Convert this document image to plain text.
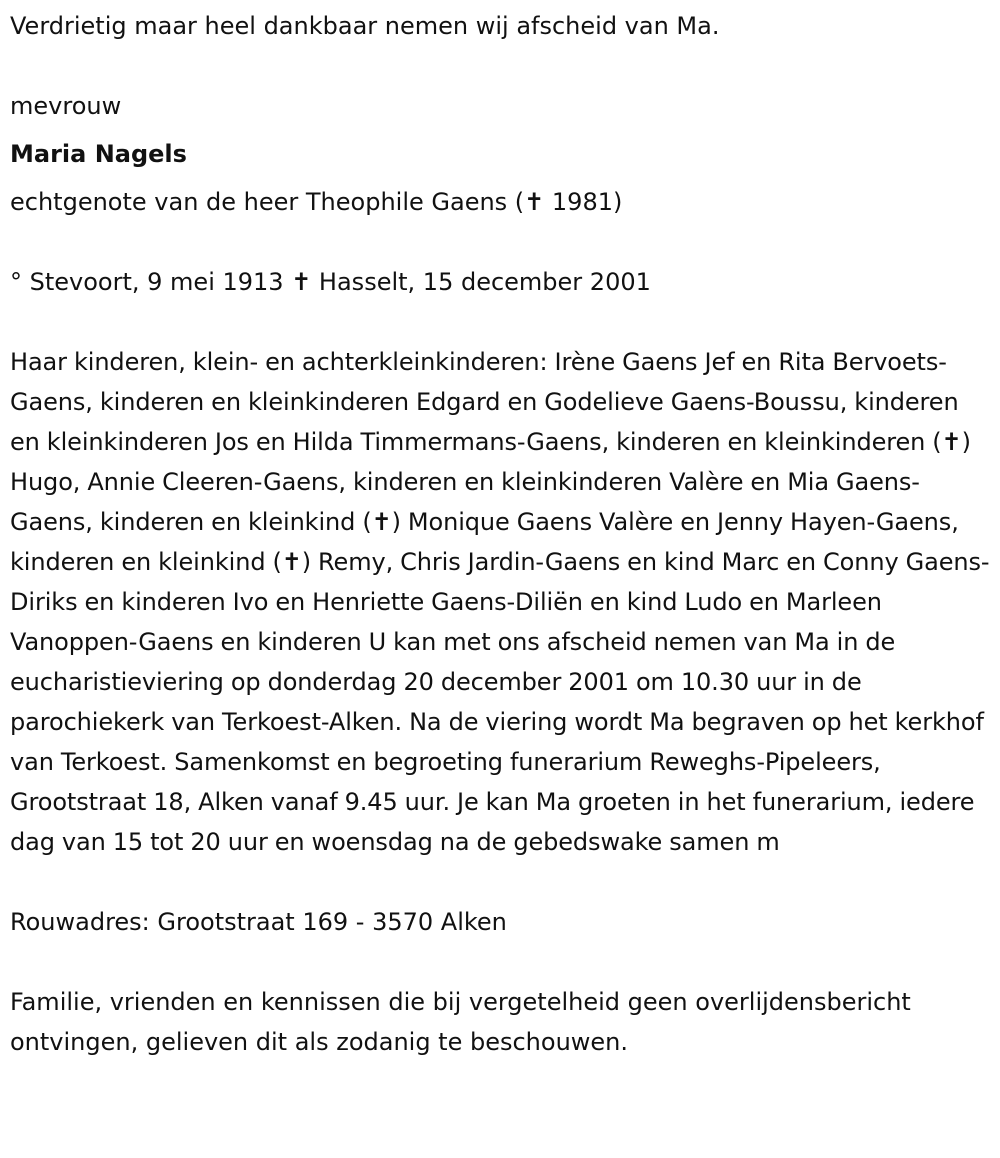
Verdrietig maar heel dankbaar nemen wij afscheid van Ma.

mevrouw

Maria Nagels

echtgenote van de heer Theophile Gaens (✝ 1981)

° Stevoort, 9 mei 1913 ✝ Hasselt, 15 december 2001

Haar kinderen, klein- en achterkleinkinderen: Irène Gaens Jef en Rita Bervoets-Gaens, kinderen en kleinkinderen Edgard en Godelieve Gaens-Boussu, kinderen en kleinkinderen Jos en Hilda Timmermans-Gaens, kinderen en kleinkinderen (✝) Hugo, Annie Cleeren-Gaens, kinderen en kleinkinderen Valère en Mia Gaens-Gaens, kinderen en kleinkind (✝) Monique Gaens Valère en Jenny Hayen-Gaens, kinderen en kleinkind (✝) Remy, Chris Jardin-Gaens en kind Marc en Conny Gaens-Diriks en kinderen Ivo en Henriette Gaens-Diliën en kind Ludo en Marleen Vanoppen-Gaens en kinderen U kan met ons afscheid nemen van Ma in de eucharistieviering op donderdag 20 december 2001 om 10.30 uur in de parochiekerk van Terkoest-Alken. Na de viering wordt Ma begraven op het kerkhof van Terkoest. Samenkomst en begroeting funerarium Reweghs-Pipeleers, Grootstraat 18, Alken vanaf 9.45 uur. Je kan Ma groeten in het funerarium, iedere dag van 15 tot 20 uur en woensdag na de gebedswake samen m

Rouwadres: Grootstraat 169 - 3570 Alken

Familie, vrienden en kennissen die bij vergetelheid geen overlijdensbericht ontvingen, gelieven dit als zodanig te beschouwen.
